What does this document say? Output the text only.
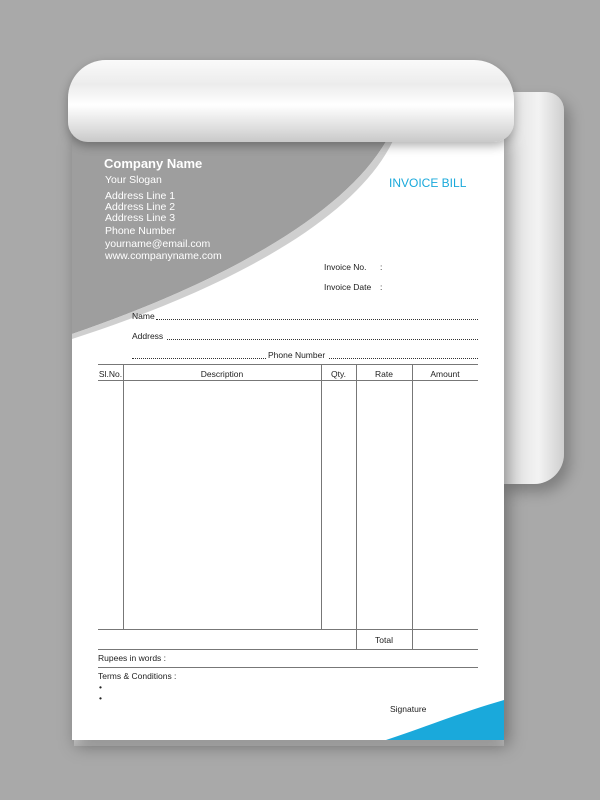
Company Name
Your Slogan
Address Line 1
Address Line 2
Address Line 3
Phone Number
yourname@email.com
www.companyname.com
INVOICE BILL
Invoice No. :
Invoice Date :
Name
Address
Phone Number
Sl.No.	Description	Qty.	Rate	Amount
Total
Rupees in words :
Terms & Conditions :
•
•
Signature
